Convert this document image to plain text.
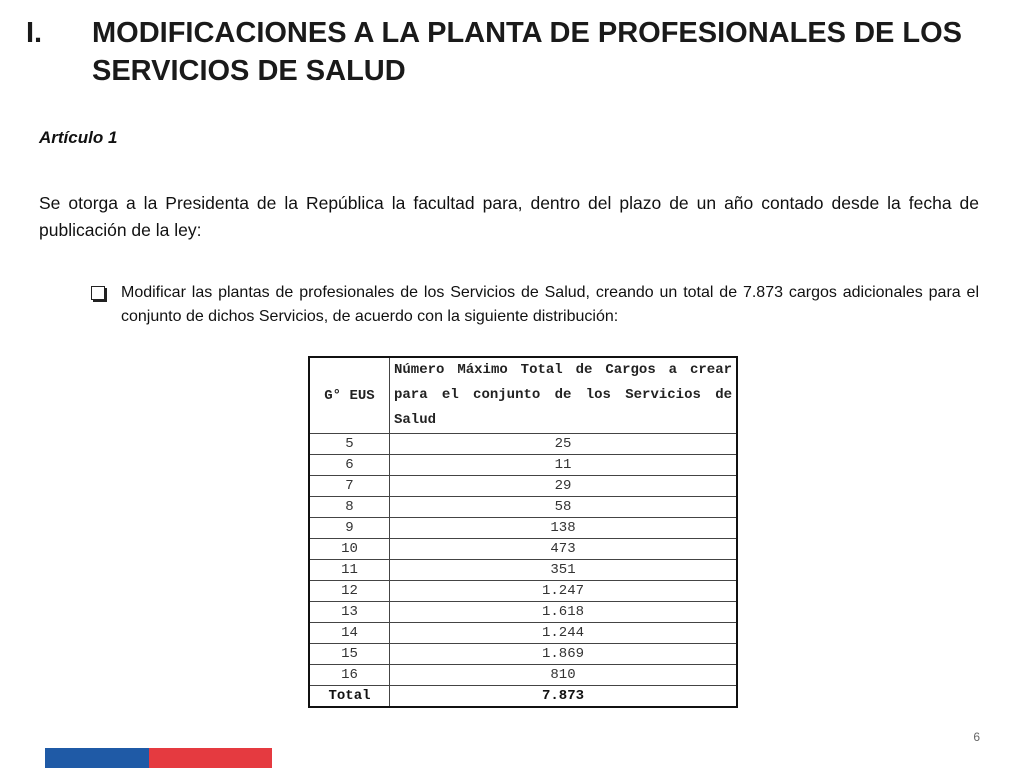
I. MODIFICACIONES A LA PLANTA DE PROFESIONALES DE LOS SERVICIOS DE SALUD
Artículo 1
Se otorga a la Presidenta de la República la facultad para, dentro del plazo de un año contado desde la fecha de publicación de la ley:
Modificar las plantas de profesionales de los Servicios de Salud, creando un total de 7.873 cargos adicionales para el conjunto de dichos Servicios, de acuerdo con la siguiente distribución:
G° EUS	Número Máximo Total de Cargos a crear para el conjunto de los Servicios de Salud
5	25
6	11
7	29
8	58
9	138
10	473
11	351
12	1.247
13	1.618
14	1.244
15	1.869
16	810
Total	7.873
6
